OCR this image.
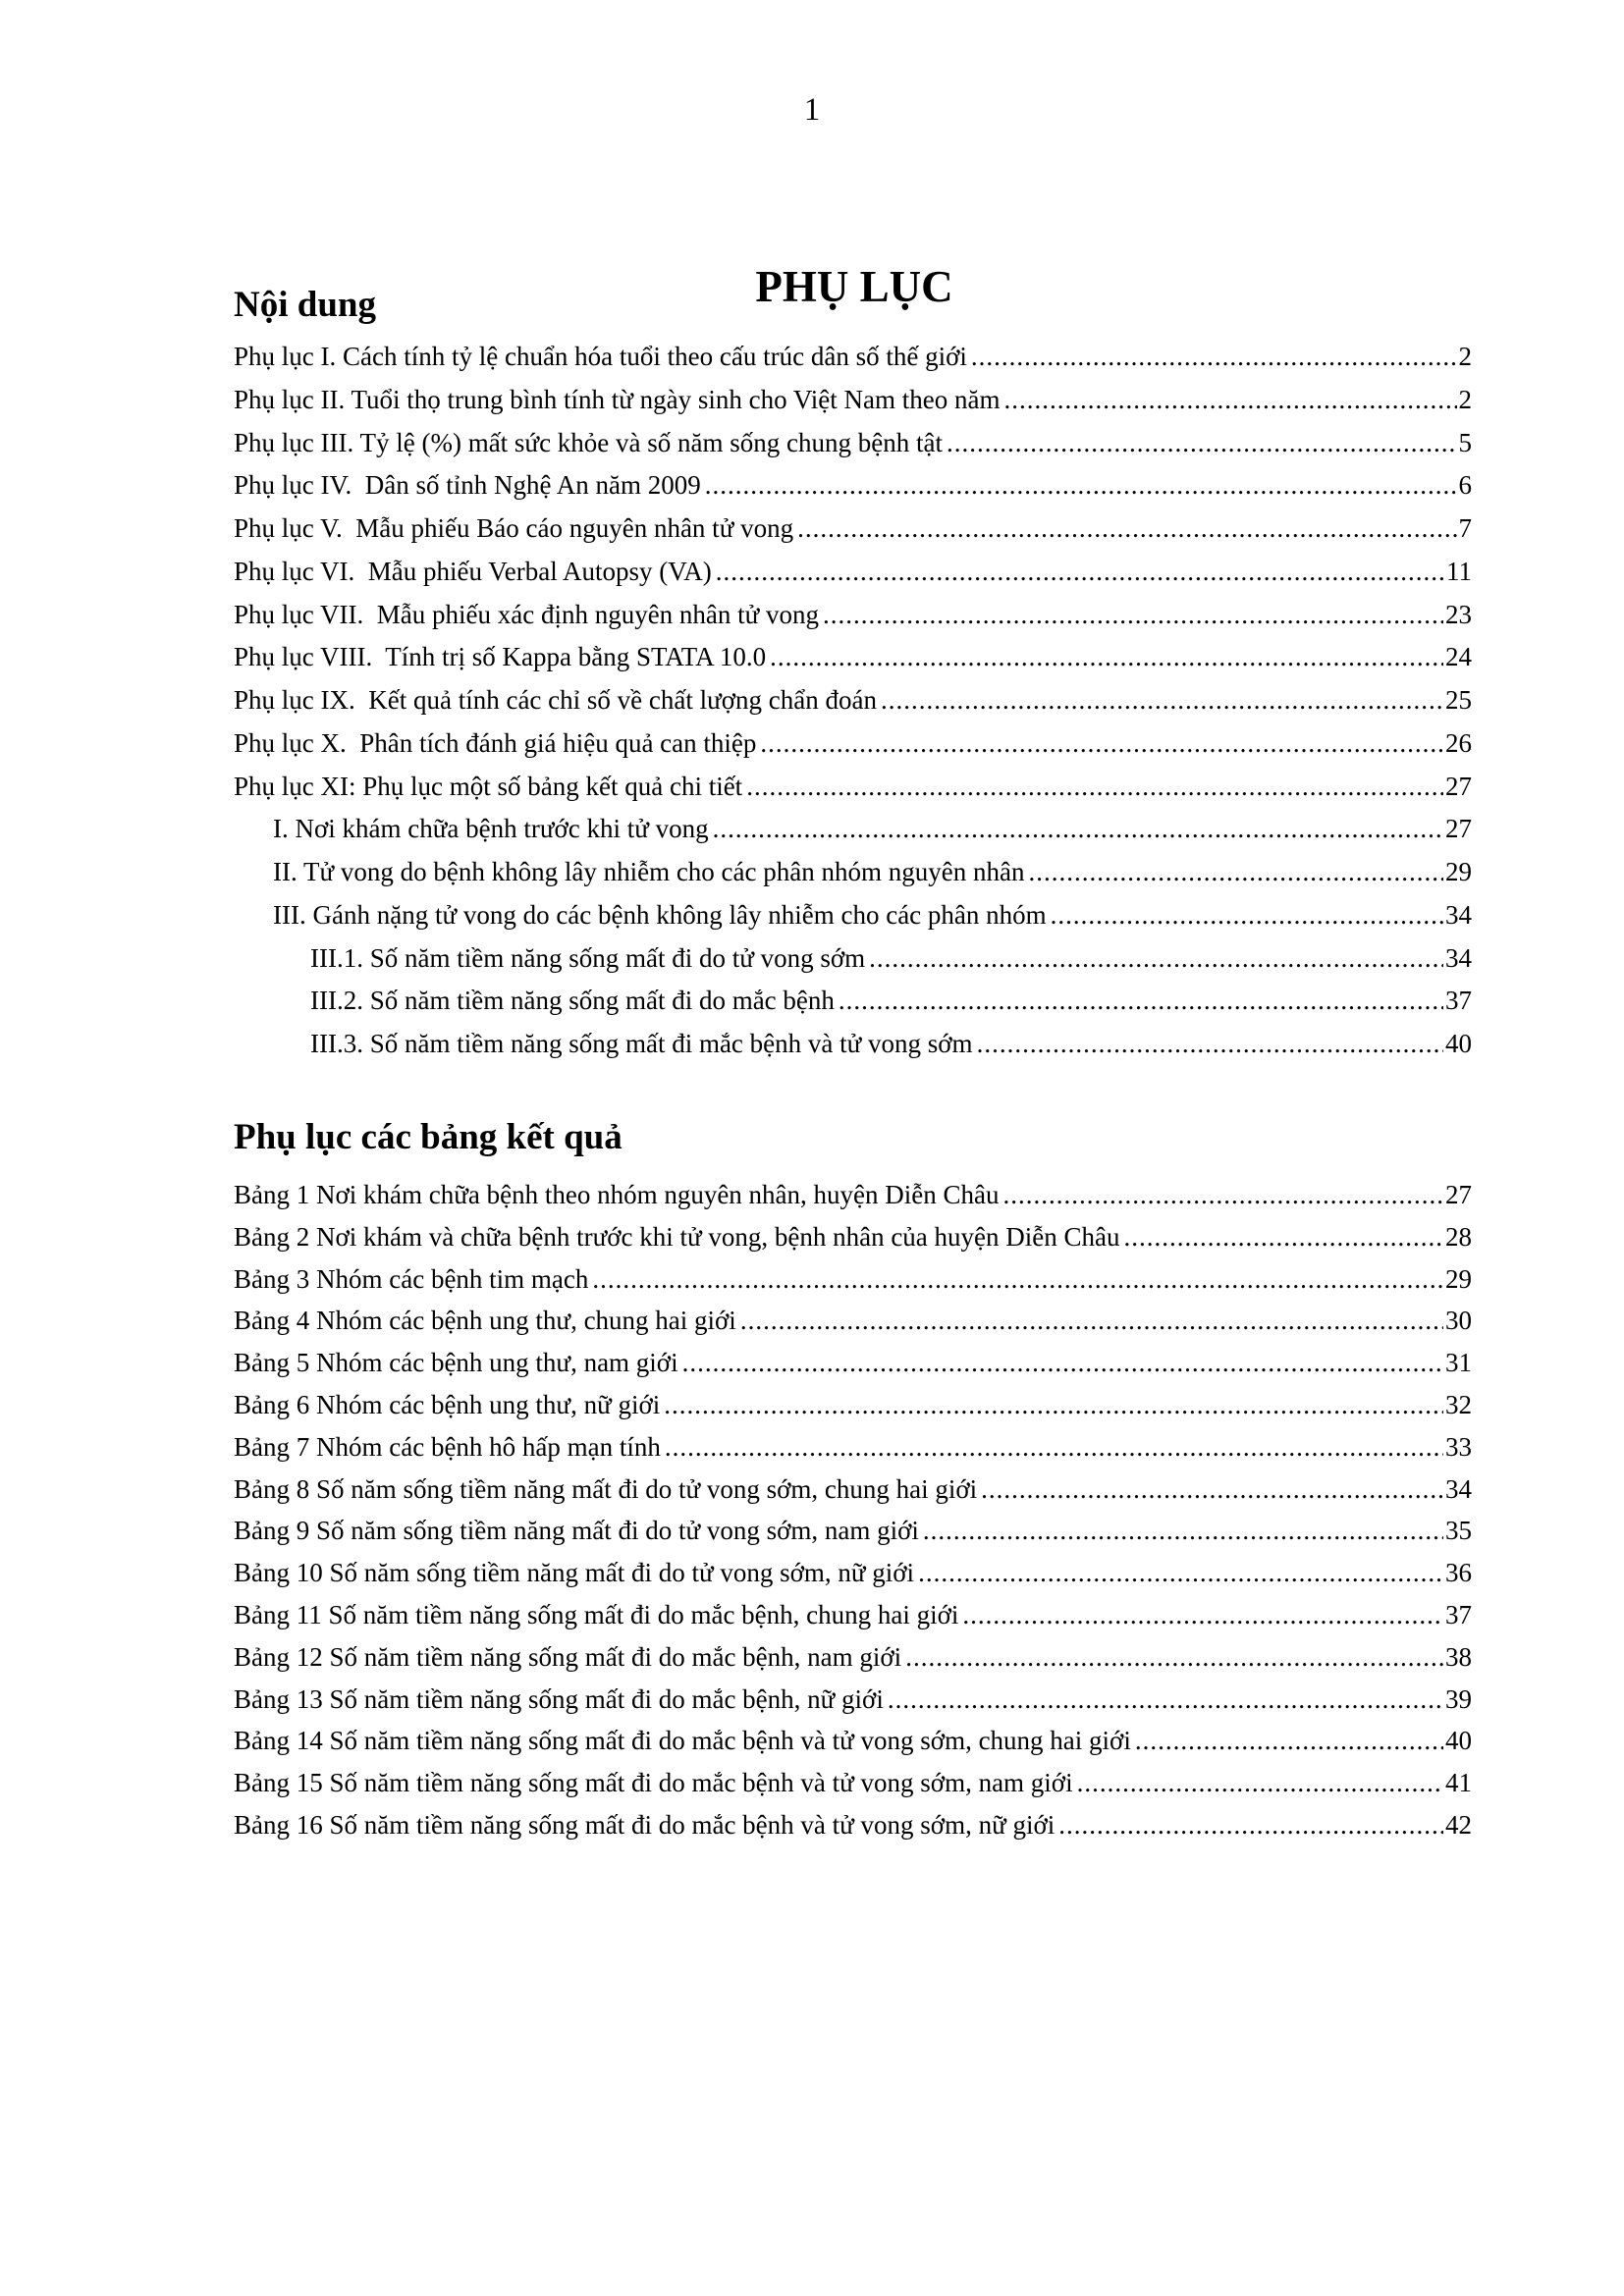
1
PHỤ LỤC
Nội dung
Phụ lục I. Cách tính tỷ lệ chuẩn hóa tuổi theo cấu trúc dân số thế giới .....	2
Phụ lục II. Tuổi thọ trung bình tính từ ngày sinh cho Việt Nam theo năm .....	2
Phụ lục III. Tỷ lệ (%) mất sức khỏe và số năm sống chung bệnh tật .....	5
Phụ lục IV.  Dân số tỉnh Nghệ An năm 2009 .....	6
Phụ lục V.  Mẫu phiếu Báo cáo nguyên nhân tử vong .....	7
Phụ lục VI.  Mẫu phiếu Verbal Autopsy (VA) .....	11
Phụ lục VII.  Mẫu phiếu xác định nguyên nhân tử vong .....	23
Phụ lục VIII.  Tính trị số Kappa bằng STATA 10.0 .....	24
Phụ lục IX.  Kết quả tính các chỉ số về chất lượng chẩn đoán .....	25
Phụ lục X.  Phân tích đánh giá hiệu quả can thiệp .....	26
Phụ lục XI: Phụ lục một số bảng kết quả chi tiết .....	27
I. Nơi khám chữa bệnh trước khi tử vong .....	27
II. Tử vong do bệnh không lây nhiễm cho các phân nhóm nguyên nhân .....	29
III. Gánh nặng tử vong do các bệnh không lây nhiễm cho các phân nhóm .....	34
III.1. Số năm tiềm năng sống mất đi do tử vong sớm .....	34
III.2. Số năm tiềm năng sống mất đi do mắc bệnh .....	37
III.3. Số năm tiềm năng sống mất đi mắc bệnh và tử vong sớm .....	40
Phụ lục các bảng kết quả
Bảng 1 Nơi khám chữa bệnh theo nhóm nguyên nhân, huyện Diễn Châu .....	27
Bảng 2 Nơi khám và chữa bệnh trước khi tử vong, bệnh nhân của huyện Diễn Châu .....	28
Bảng 3 Nhóm các bệnh tim mạch .....	29
Bảng 4 Nhóm các bệnh ung thư, chung hai giới .....	30
Bảng 5 Nhóm các bệnh ung thư, nam giới .....	31
Bảng 6 Nhóm các bệnh ung thư, nữ giới .....	32
Bảng 7 Nhóm các bệnh hô hấp mạn tính .....	33
Bảng 8 Số năm sống tiềm năng mất đi do tử vong sớm, chung hai giới .....	34
Bảng 9 Số năm sống tiềm năng mất đi do tử vong sớm, nam giới .....	35
Bảng 10 Số năm sống tiềm năng mất đi do tử vong sớm, nữ giới .....	36
Bảng 11 Số năm tiềm năng sống mất đi do mắc bệnh, chung hai giới .....	37
Bảng 12 Số năm tiềm năng sống mất đi do mắc bệnh, nam giới .....	38
Bảng 13 Số năm tiềm năng sống mất đi do mắc bệnh, nữ giới .....	39
Bảng 14 Số năm tiềm năng sống mất đi do mắc bệnh và tử vong sớm, chung hai giới .....	40
Bảng 15 Số năm tiềm năng sống mất đi do mắc bệnh và tử vong sớm, nam giới .....	41
Bảng 16 Số năm tiềm năng sống mất đi do mắc bệnh và tử vong sớm, nữ giới .....	42
